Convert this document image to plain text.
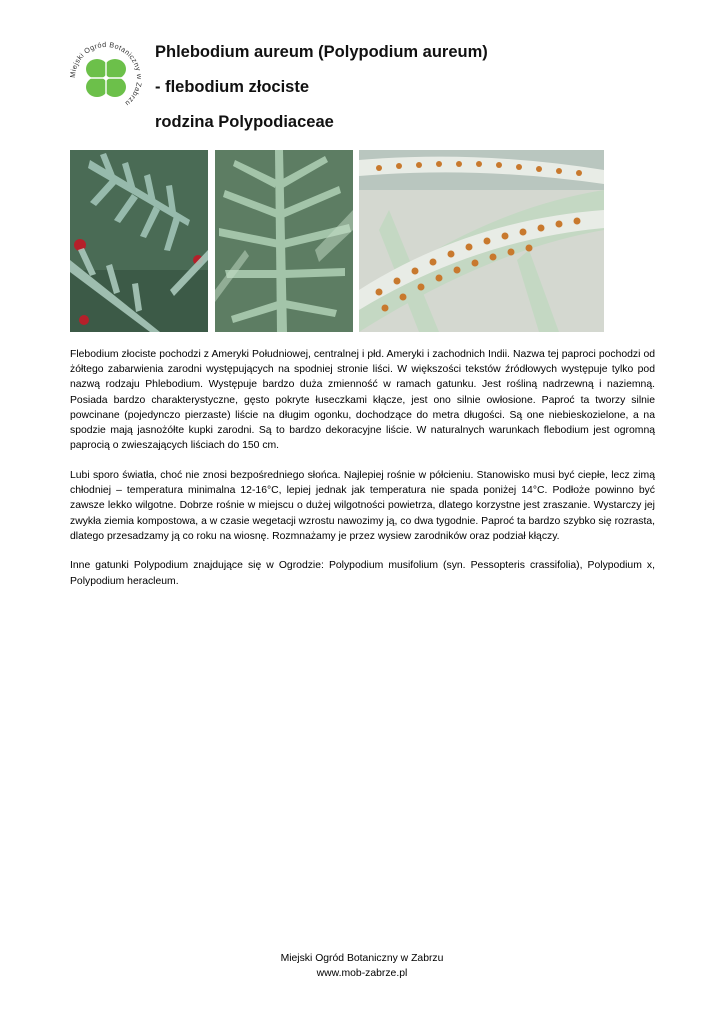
Miejski Ogród Botaniczny w Zabrzu
Phlebodium aureum (Polypodium aureum)
- flebodium złociste
rodzina Polypodiaceae

Flebodium złociste pochodzi z Ameryki Południowej, centralnej i płd. Ameryki i zachodnich Indii. Nazwa tej paproci pochodzi od żółtego zabarwienia zarodni występujących na spodniej stronie liści. W większości tekstów źródłowych występuje tylko pod nazwą rodzaju Phlebodium. Występuje bardzo duża zmienność w ramach gatunku. Jest rośliną nadrzewną i naziemną. Posiada bardzo charakterystyczne, gęsto pokryte łuseczkami kłącze, jest ono silnie owłosione. Paproć ta tworzy silnie powcinane (pojedynczo pierzaste) liście na długim ogonku, dochodzące do metra długości. Są one niebieskozielone, a na spodzie mają jasnożółte kupki zarodni. Są to bardzo dekoracyjne liście. W naturalnych warunkach flebodium jest ogromną paprocią o zwieszających liściach do 150 cm.

Lubi sporo światła, choć nie znosi bezpośredniego słońca. Najlepiej rośnie w półcieniu. Stanowisko musi być ciepłe, lecz zimą chłodniej – temperatura minimalna 12-16°C, lepiej jednak jak temperatura nie spada poniżej 14°C. Podłoże powinno być zawsze lekko wilgotne. Dobrze rośnie w miejscu o dużej wilgotności powietrza, dlatego korzystne jest zraszanie. Wystarczy jej zwykła ziemia kompostowa, a w czasie wegetacji wzrostu nawozimy ją, co dwa tygodnie. Paproć ta bardzo szybko się rozrasta, dlatego przesadzamy ją co roku na wiosnę. Rozmnażamy je przez wysiew zarodników oraz podział kłączy.

Inne gatunki Polypodium znajdujące się w Ogrodzie: Polypodium musifolium (syn. Pessopteris crassifolia), Polypodium x, Polypodium heracleum.

Miejski Ogród Botaniczny w Zabrzu
www.mob-zabrze.pl
